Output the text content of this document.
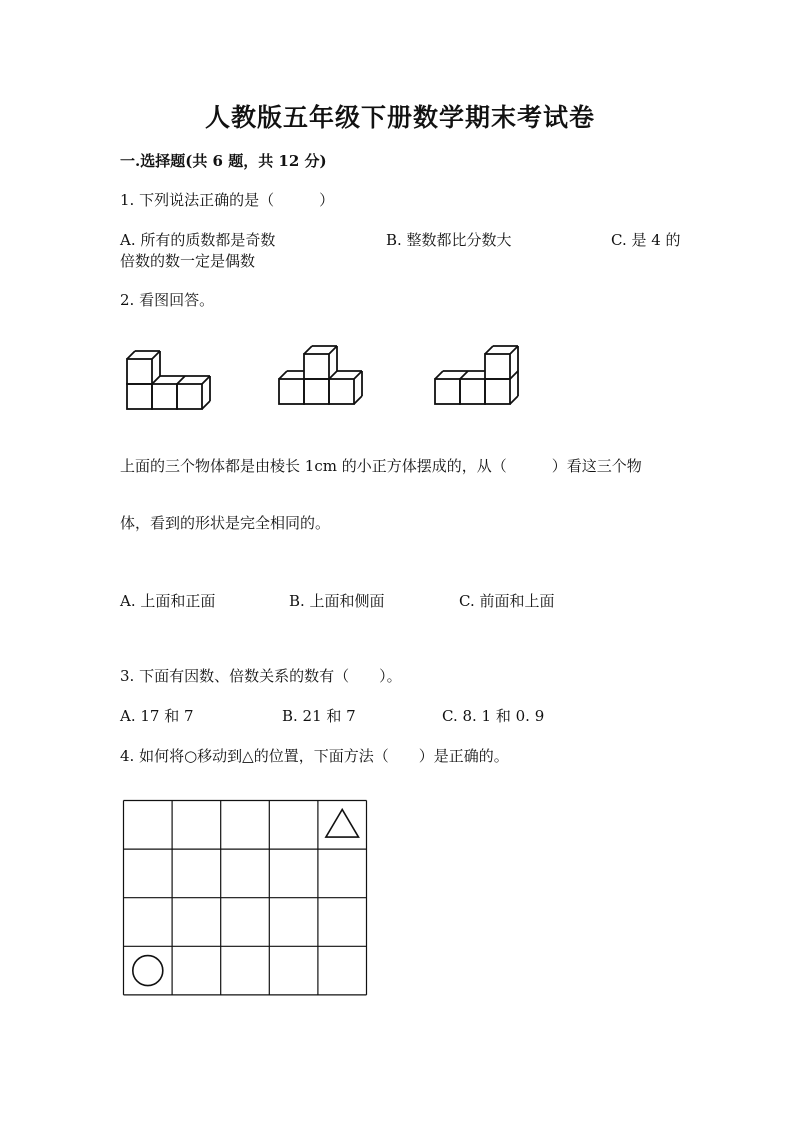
人教版五年级下册数学期末考试卷
一.选择题(共 6 题，共 12 分)
1. 下列说法正确的是（　　　）
A. 所有的质数都是奇数	B. 整数都比分数大	C. 是 4 的
倍数的数一定是偶数
2. 看图回答。
上面的三个物体都是由棱长 1cm 的小正方体摆成的，从（　　　）看这三个物
体，看到的形状是完全相同的。
A. 上面和正面	B. 上面和侧面	C. 前面和上面
3. 下面有因数、倍数关系的数有（　　）。
A. 17 和 7	B. 21 和 7	C. 8. 1 和 0. 9
4. 如何将○移动到△的位置，下面方法（　　）是正确的。
